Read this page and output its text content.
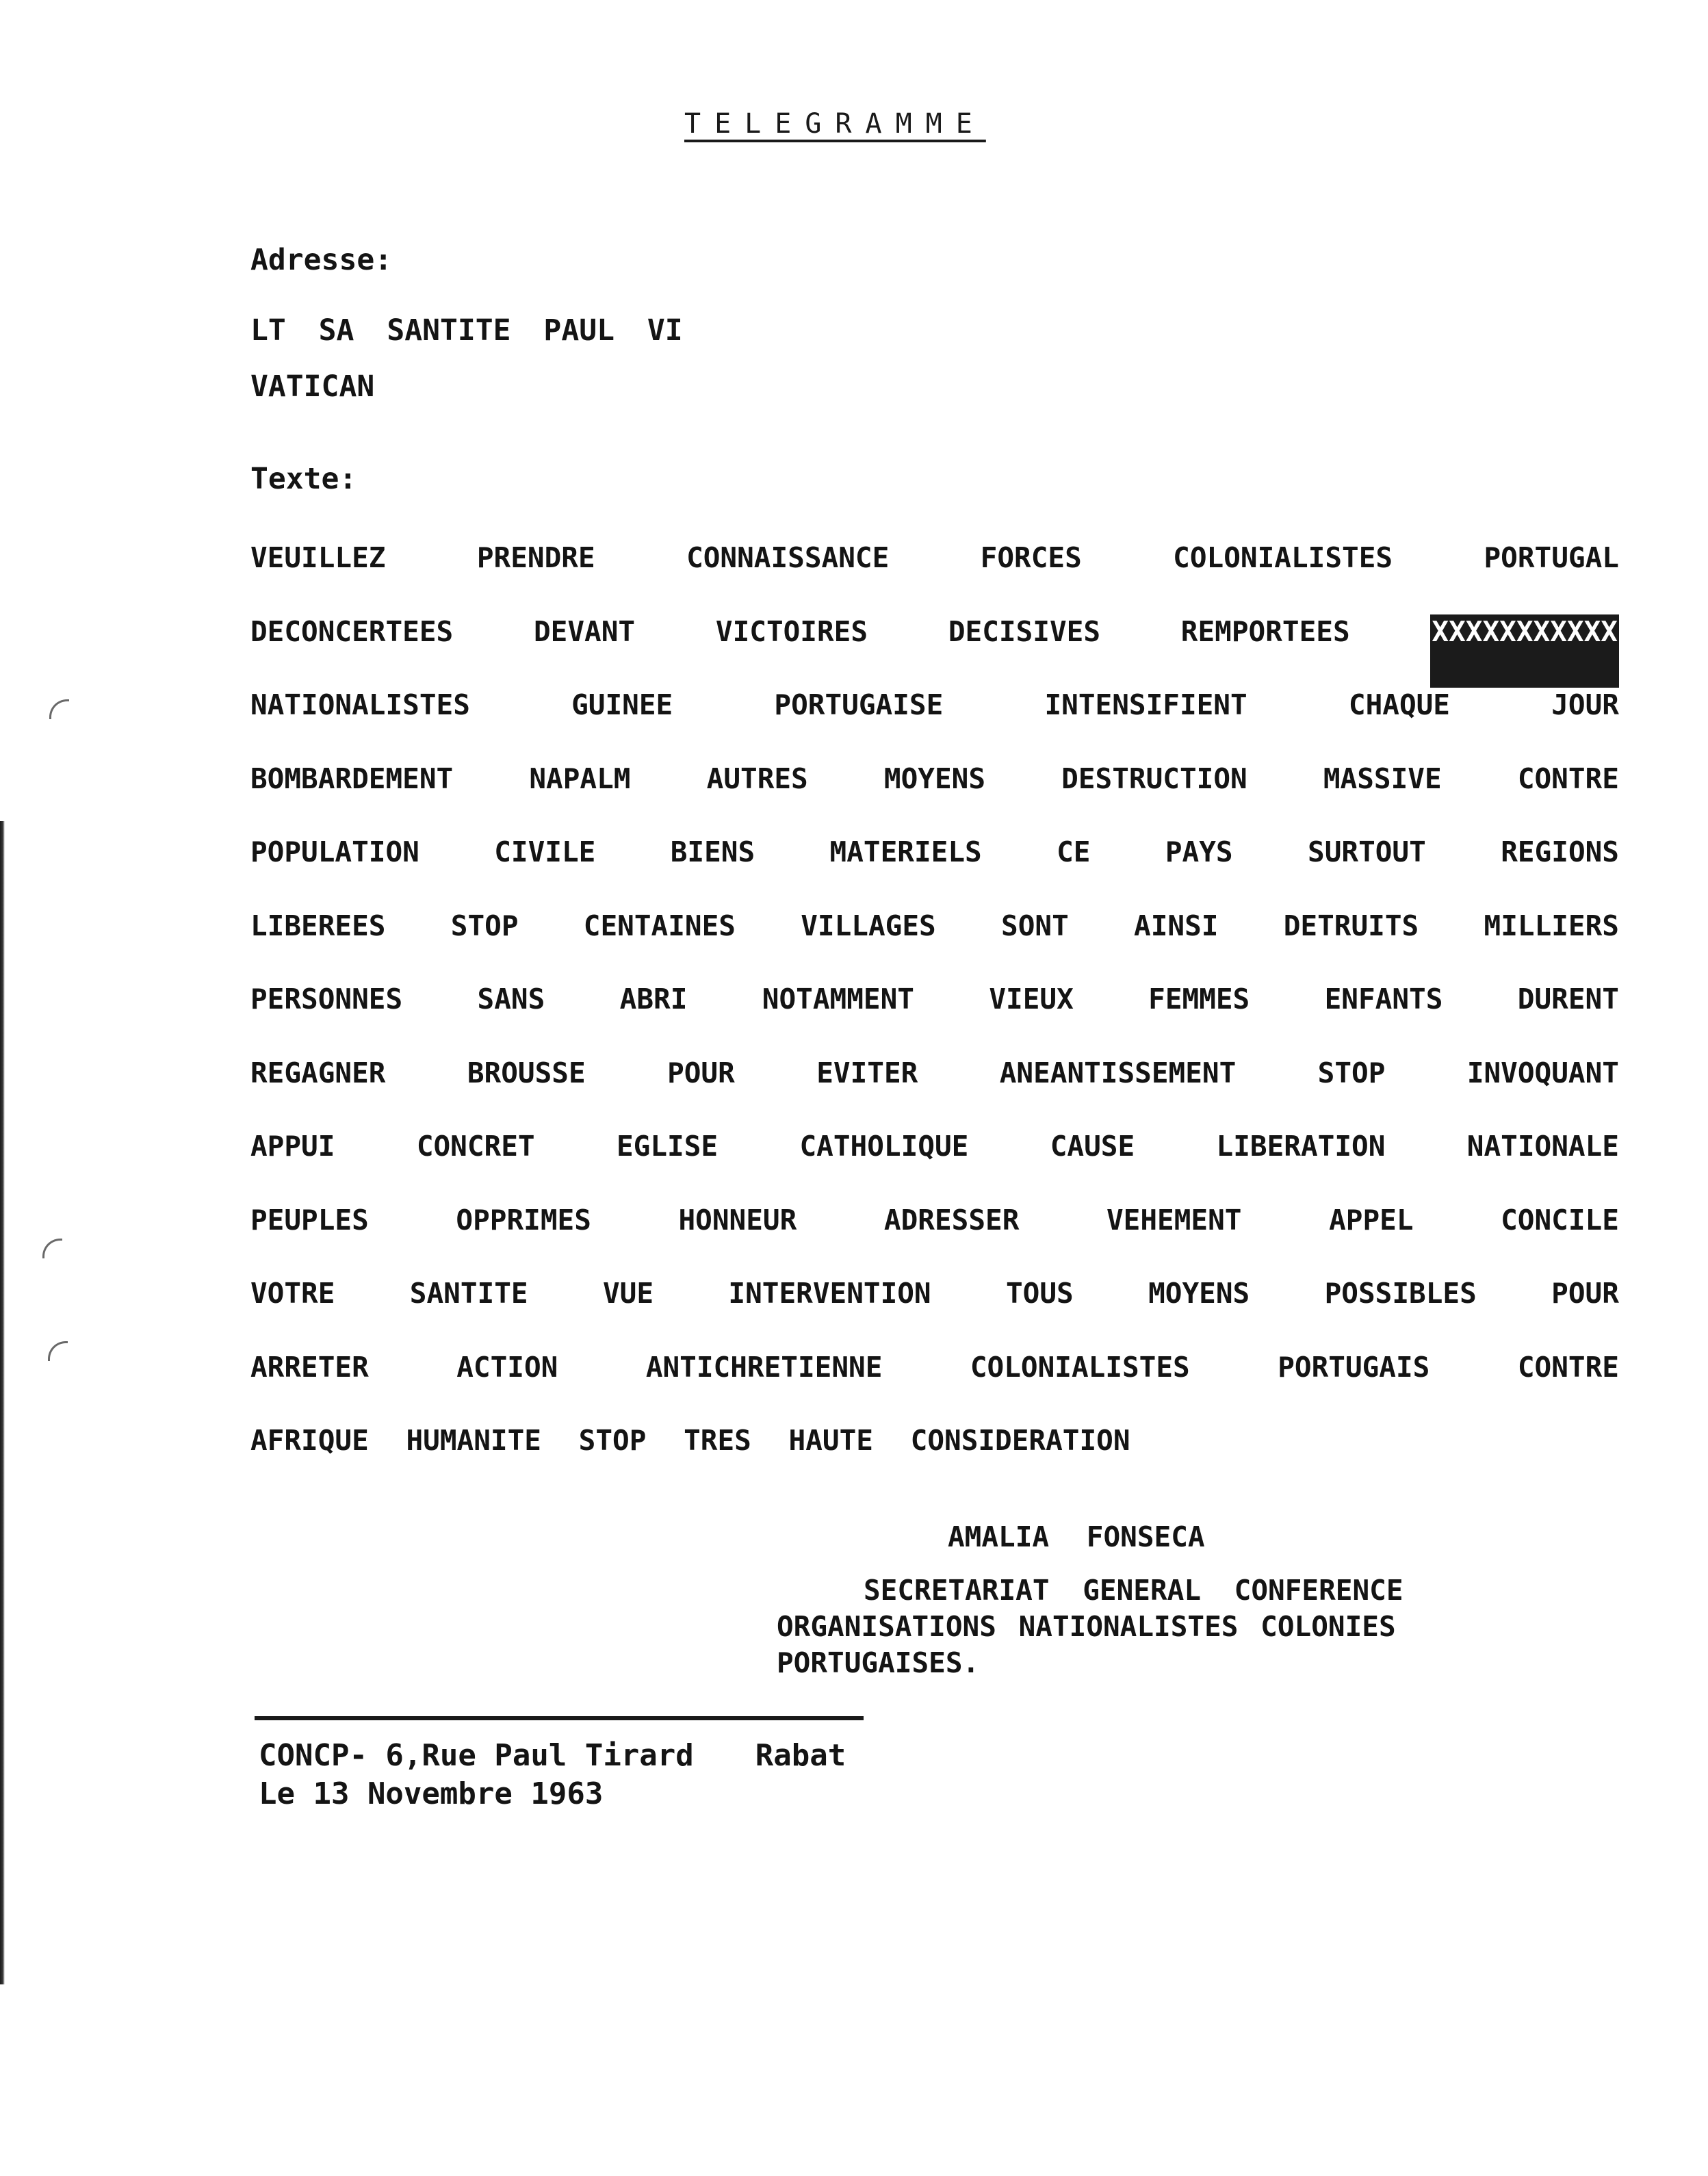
TELEGRAMME
Adresse:
LT SA SANTITE PAUL VI
VATICAN
Texte:
VEUILLEZ	PRENDRE	CONNAISSANCE	FORCES	COLONIALISTES	PORTUGAL
DECONCERTEES	DEVANT	VICTOIRES	DECISIVES	REMPORTEES	XXXXXXXXXXX
NATIONALISTES	GUINEE	PORTUGAISE	INTENSIFIENT	CHAQUE	JOUR
BOMBARDEMENT	NAPALM	AUTRES	MOYENS	DESTRUCTION	MASSIVE	CONTRE
POPULATION	CIVILE	BIENS	MATERIELS	CE	PAYS	SURTOUT	REGIONS
LIBEREES STOP CENTAINES VILLAGES SONT AINSI DETRUITS MILLIERS
PERSONNES	SANS	ABRI	NOTAMMENT	VIEUX	FEMMES	ENFANTS	DURENT
REGAGNER	BROUSSE	POUR	EVITER	ANEANTISSEMENT	STOP	INVOQUANT
APPUI	CONCRET	EGLISE	CATHOLIQUE	CAUSE	LIBERATION	NATIONALE
PEUPLES	OPPRIMES	HONNEUR	ADRESSER	VEHEMENT	APPEL	CONCILE
VOTRE	SANTITE	VUE	INTERVENTION	TOUS	MOYENS	POSSIBLES	POUR
ARRETER	ACTION	ANTICHRETIENNE	COLONIALISTES	PORTUGAIS	CONTRE
AFRIQUE HUMANITE STOP TRES HAUTE CONSIDERATION
AMALIA FONSECA
SECRETARIAT GENERAL CONFERENCE
ORGANISATIONS NATIONALISTES COLONIES
PORTUGAISES.
CONCP- 6,Rue Paul Tirard Rabat
Le 13 Novembre 1963
